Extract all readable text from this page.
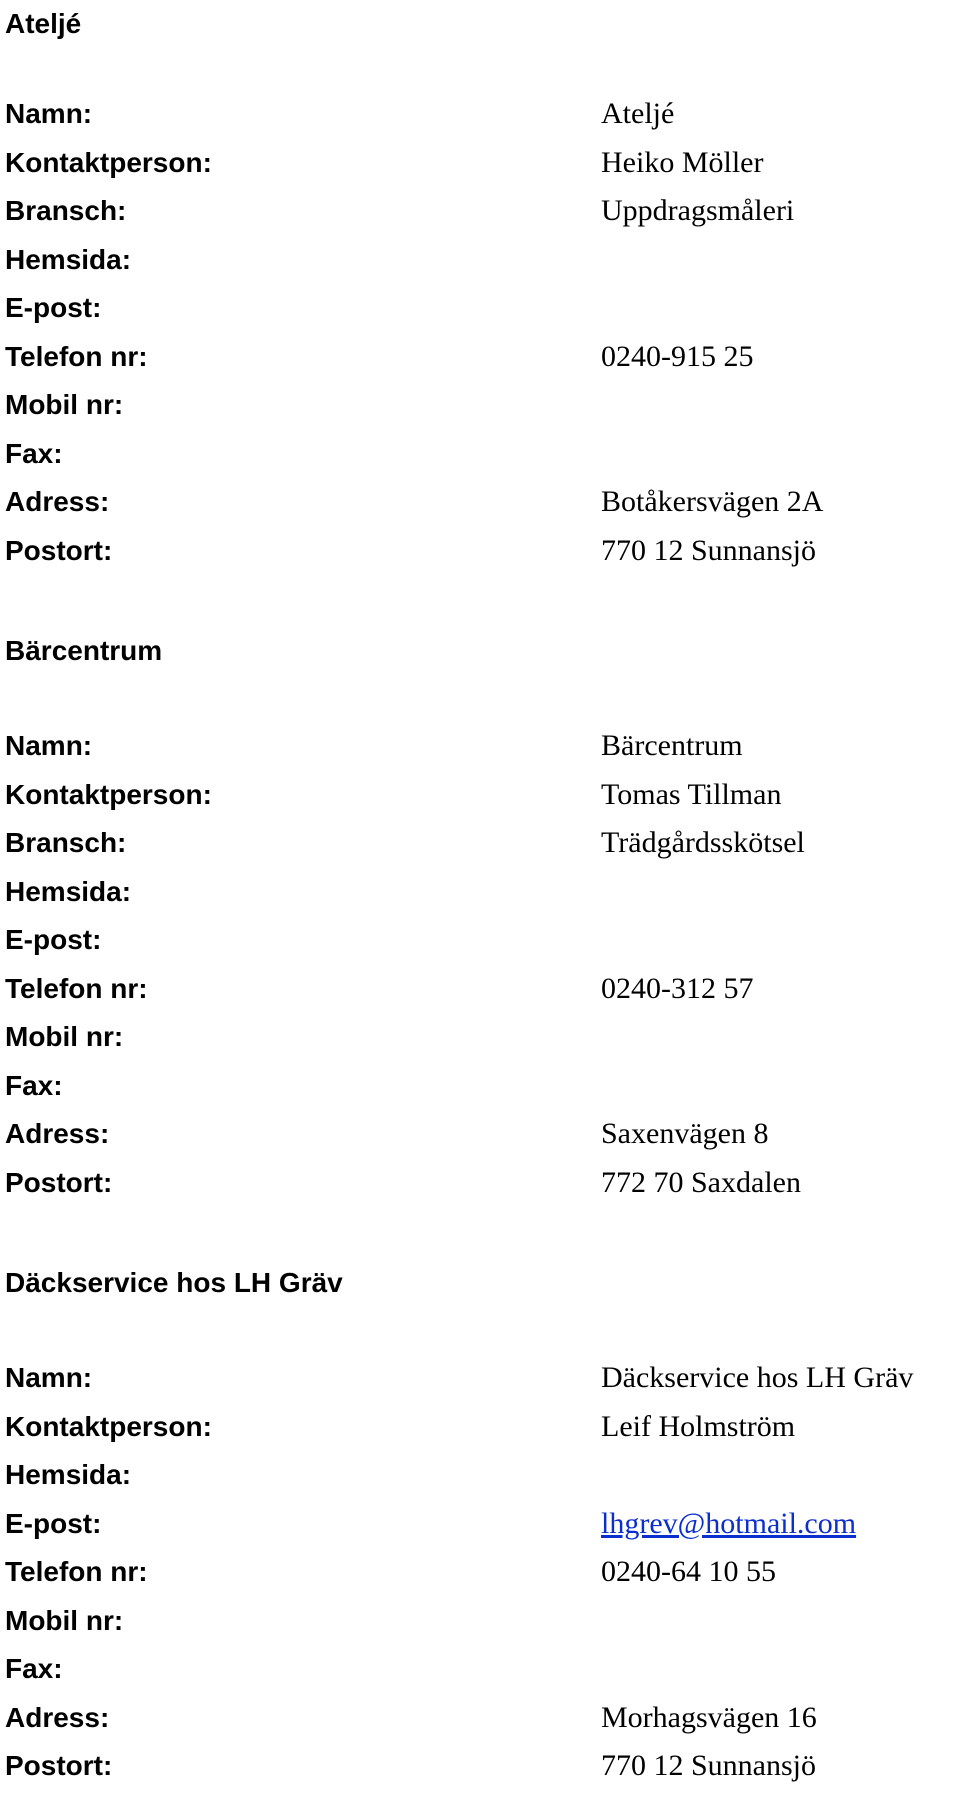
Ateljé
Namn:	Ateljé
Kontaktperson:	Heiko Möller
Bransch:	Uppdragsmåleri
Hemsida:
E-post:
Telefon nr:	0240-915 25
Mobil nr:
Fax:
Adress:	Botåkersvägen 2A
Postort:	770 12 Sunnansjö
Bärcentrum
Namn:	Bärcentrum
Kontaktperson:	Tomas Tillman
Bransch:	Trädgårdsskötsel
Hemsida:
E-post:
Telefon nr:	0240-312 57
Mobil nr:
Fax:
Adress:	Saxenvägen 8
Postort:	772 70 Saxdalen
Däckservice hos LH Gräv
Namn:	Däckservice hos LH Gräv
Kontaktperson:	Leif Holmström
Hemsida:
E-post:	lhgrev@hotmail.com
Telefon nr:	0240-64 10 55
Mobil nr:
Fax:
Adress:	Morhagsvägen 16
Postort:	770 12 Sunnansjö
